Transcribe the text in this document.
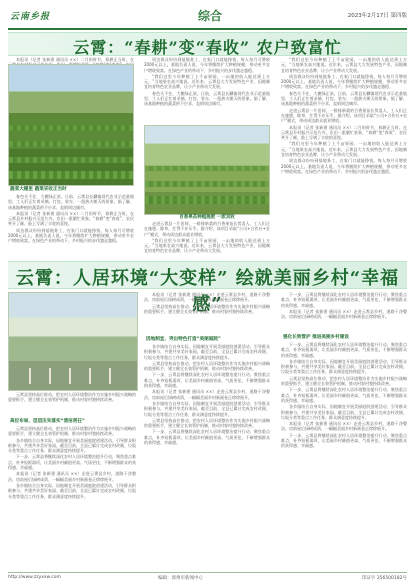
云南乡报	综合	2023年2月17日 第四版
云霄：“春耕”变“春收” 农户致富忙

本报讯（记者 张新建 通讯员 ××）二月的时节，春耕正当时。在

蔬菜大棚里 蔬菜采收正当时

春色关不住，大棚绿正浓。日前，云霄县长麟镇现代农业示范基地里，工人们正忙着采摘、打包、装车，一派热火朝天的景象。据了解，该基地种植的蔬菜供不应求，直销周边城市。

本报讯（记者 张新建 通讯员 ××）二月的时节，春耕正当时。在云霄县乡村振兴示范片内，农田一派繁忙景象，“春耕”变“春收”，农民笑开了颜，脸上写满了丰收的喜悦。

周边群众纷纷到基地务工，在家门口就能挣钱，每人每月可增收2000元以上。基地负责人说，今年将继续扩大种植规模，带动更多农户增收致富。在绿色产业的带动下，乡村振兴的步伐越走越稳。

周边群众纷纷到基地务工，在家门口就能挣钱，每人每月可增收2000元以上。基地负责人说，今年将继续扩大种植规模，带动更多农户增收致富。在绿色产业的带动下，乡村振兴的步伐越走越稳。

“我们这里今年种植了上千亩果园，一亩地的收入能达到上万元。”当地果农高兴地说。近年来，云霄县大力发展特色产业，因地制宜培育特色农业品牌，让小产业带动大发展。

春色关不住，大棚绿正浓。日前，云霄县长麟镇现代农业示范基地里，工人们正忙着采摘、打包、装车，一派热火朝天的景象。据了解，该基地种植的蔬菜供不应求，直销周边城市。

百香果苗种植施肥 一派双收

走进云霄县一片田间，一排排新栽的百香果苗长势喜人，工人们正在施肥、除草，忙得不亦乐乎。据介绍，该项目采取“公司+合作社+农户”模式，带动周边群众就业增收。

“我们这里今年种植了上千亩果园，一亩地的收入能达到上万元。”当地果农高兴地说。近年来，云霄县大力发展特色产业，因地制宜培育特色农业品牌，让小产业带动大发展。

“我们这里今年种植了上千亩果园，一亩地的收入能达到上万元。”当地果农高兴地说。近年来，云霄县大力发展特色产业，因地制宜培育特色农业品牌，让小产业带动大发展。

周边群众纷纷到基地务工，在家门口就能挣钱，每人每月可增收2000元以上。基地负责人说，今年将继续扩大种植规模，带动更多农户增收致富。在绿色产业的带动下，乡村振兴的步伐越走越稳。

春色关不住，大棚绿正浓。日前，云霄县长麟镇现代农业示范基地里，工人们正忙着采摘、打包、装车，一派热火朝天的景象。据了解，该基地种植的蔬菜供不应求，直销周边城市。

走进云霄县一片田间，一排排新栽的百香果苗长势喜人，工人们正在施肥、除草，忙得不亦乐乎。据介绍，该项目采取“公司+合作社+农户”模式，带动周边群众就业增收。

本报讯（记者 张新建 通讯员 ××）二月的时节，春耕正当时。在云霄县乡村振兴示范片内，农田一派繁忙景象，“春耕”变“春收”，农民笑开了颜，脸上写满了丰收的喜悦。

“我们这里今年种植了上千亩果园，一亩地的收入能达到上万元。”当地果农高兴地说。近年来，云霄县大力发展特色产业，因地制宜培育特色农业品牌，让小产业带动大发展。

周边群众纷纷到基地务工，在家门口就能挣钱，每人每月可增收2000元以上。基地负责人说，今年将继续扩大种植规模，带动更多农户增收致富。在绿色产业的带动下，乡村振兴的步伐越走越稳。

云霄：人居环境“大变样” 绘就美丽乡村“幸福感”

本报讯（记者 张新建 通讯员 ××）走进云霄县乡村，道路干净整洁、房前屋后绿树成荫，一幅幅美丽乡村新画卷正徐徐展开。

云霄县坚持高位推动，把农村人居环境整治作为实施乡村振兴战略的重要抓手，建立健全长效管护机制，推动村容村貌持续改善。

云霄县坚持高位推动，把农村人居环境整治作为实施乡村振兴战略的重要抓手，建立健全长效管护机制，推动村容村貌持续改善。

高位布局、层层压实落实“清洁责任”

云霄县坚持高位推动，把农村人居环境整治作为实施乡村振兴战略的重要抓手，建立健全长效管护机制，推动村容村貌持续改善。

各乡镇结合自身实际，因地制宜开展美丽庭院创建活动，引导群众积极参与，共建共享美好家园。截至目前，全县已累计完成农村改厕、垃圾分类等重点工作任务，群众满意度持续提升。

下一步，云霄县将继续深化农村人居环境整治提升行动，聚焦重点难点，补齐短板弱项，让美丽乡村颜值更高、气质更佳，不断增强群众的获得感、幸福感。

本报讯（记者 张新建 通讯员 ××）走进云霄县乡村，道路干净整洁、房前屋后绿树成荫，一幅幅美丽乡村新画卷正徐徐展开。

各乡镇结合自身实际，因地制宜开展美丽庭院创建活动，引导群众积极参与，共建共享美好家园。截至目前，全县已累计完成农村改厕、垃圾分类等重点工作任务，群众满意度持续提升。

因地制宜、突出特色打造“美丽庭院”

各乡镇结合自身实际，因地制宜开展美丽庭院创建活动，引导群众积极参与，共建共享美好家园。截至目前，全县已累计完成农村改厕、垃圾分类等重点工作任务，群众满意度持续提升。

云霄县坚持高位推动，把农村人居环境整治作为实施乡村振兴战略的重要抓手，建立健全长效管护机制，推动村容村貌持续改善。

下一步，云霄县将继续深化农村人居环境整治提升行动，聚焦重点难点，补齐短板弱项，让美丽乡村颜值更高、气质更佳，不断增强群众的获得感、幸福感。

本报讯（记者 张新建 通讯员 ××）走进云霄县乡村，道路干净整洁、房前屋后绿树成荫，一幅幅美丽乡村新画卷正徐徐展开。

各乡镇结合自身实际，因地制宜开展美丽庭院创建活动，引导群众积极参与，共建共享美好家园。截至目前，全县已累计完成农村改厕、垃圾分类等重点工作任务，群众满意度持续提升。

云霄县坚持高位推动，把农村人居环境整治作为实施乡村振兴战略的重要抓手，建立健全长效管护机制，推动村容村貌持续改善。

下一步，云霄县将继续深化农村人居环境整治提升行动，聚焦重点难点，补齐短板弱项，让美丽乡村颜值更高、气质更佳，不断增强群众的获得感、幸福感。

下一步，云霄县将继续深化农村人居环境整治提升行动，聚焦重点难点，补齐短板弱项，让美丽乡村颜值更高、气质更佳，不断增强群众的获得感、幸福感。

本报讯（记者 张新建 通讯员 ××）走进云霄县乡村，道路干净整洁、房前屋后绿树成荫，一幅幅美丽乡村新画卷正徐徐展开。

强化长效管护 推进美丽乡村建设

下一步，云霄县将继续深化农村人居环境整治提升行动，聚焦重点难点，补齐短板弱项，让美丽乡村颜值更高、气质更佳，不断增强群众的获得感、幸福感。

各乡镇结合自身实际，因地制宜开展美丽庭院创建活动，引导群众积极参与，共建共享美好家园。截至目前，全县已累计完成农村改厕、垃圾分类等重点工作任务，群众满意度持续提升。

云霄县坚持高位推动，把农村人居环境整治作为实施乡村振兴战略的重要抓手，建立健全长效管护机制，推动村容村貌持续改善。

下一步，云霄县将继续深化农村人居环境整治提升行动，聚焦重点难点，补齐短板弱项，让美丽乡村颜值更高、气质更佳，不断增强群众的获得感、幸福感。

各乡镇结合自身实际，因地制宜开展美丽庭院创建活动，引导群众积极参与，共建共享美好家园。截至目前，全县已累计完成农村改厕、垃圾分类等重点工作任务，群众满意度持续提升。

本报讯（记者 张新建 通讯员 ××）走进云霄县乡村，道路干净整洁、房前屋后绿树成荫，一幅幅美丽乡村新画卷正徐徐展开。

下一步，云霄县将继续深化农村人居环境整治提升行动，聚焦重点难点，补齐短板弱项，让美丽乡村颜值更高、气质更佳，不断增强群众的获得感、幸福感。

http://www.zzyxxw.com	编辑：漳州市新闻中心	印证字 356500182号
